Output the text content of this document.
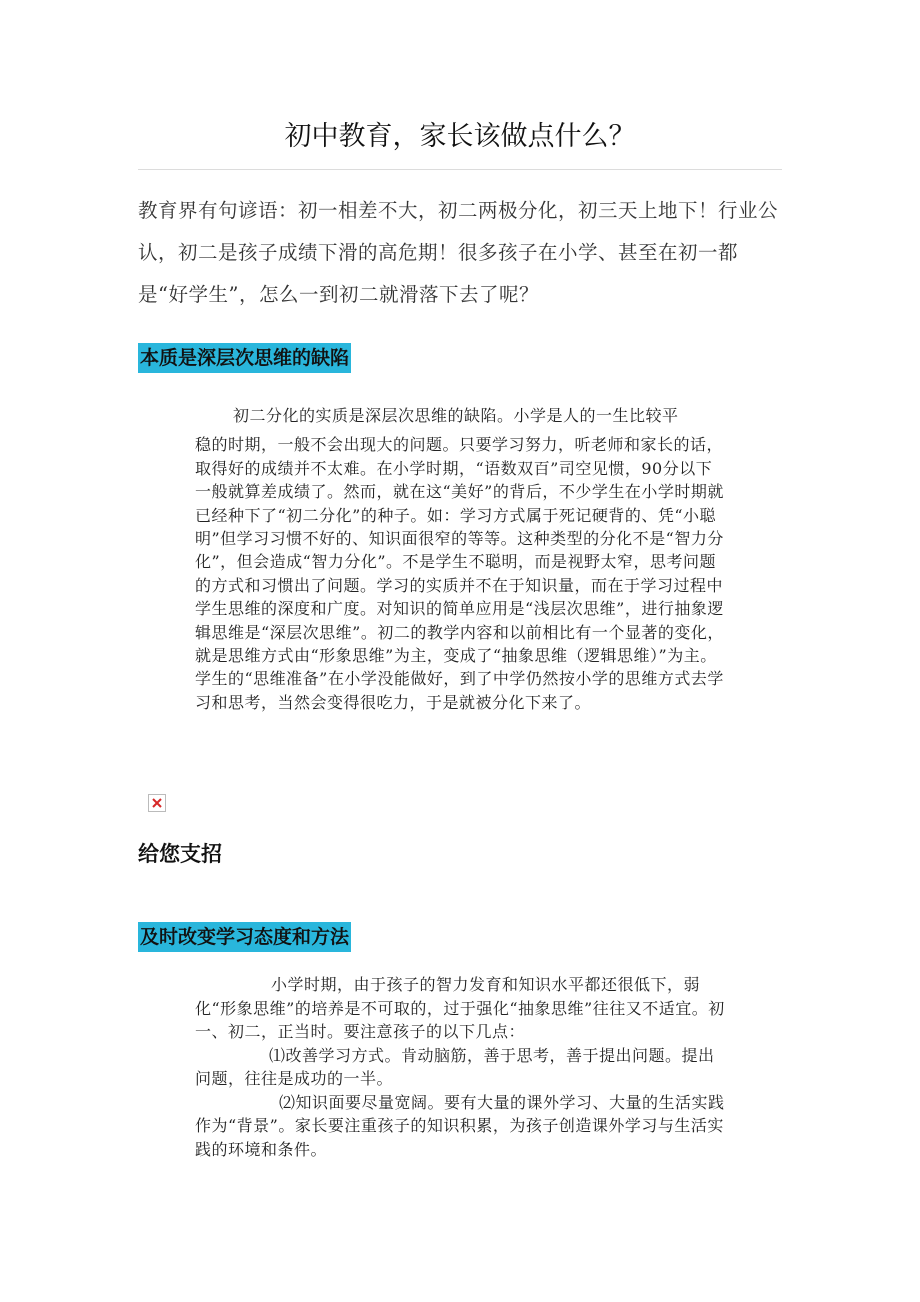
初中教育，家长该做点什么？

教育界有句谚语：初一相差不大，初二两极分化，初三天上地下！行业公认，初二是孩子成绩下滑的高危期！很多孩子在小学、甚至在初一都是“好学生”，怎么一到初二就滑落下去了呢？

本质是深层次思维的缺陷
初二分化的实质是深层次思维的缺陷。小学是人的一生比较平
稳的时期，一般不会出现大的问题。只要学习努力，听老师和家长的话，取得好的成绩并不太难。在小学时期，“语数双百”司空见惯，90分以下一般就算差成绩了。然而，就在这“美好”的背后，不少学生在小学时期就已经种下了“初二分化”的种子。如：学习方式属于死记硬背的、凭“小聪明”但学习习惯不好的、知识面很窄的等等。这种类型的分化不是“智力分化”，但会造成“智力分化”。不是学生不聪明，而是视野太窄，思考问题的方式和习惯出了问题。学习的实质并不在于知识量，而在于学习过程中学生思维的深度和广度。对知识的简单应用是“浅层次思维”，进行抽象逻辑思维是“深层次思维”。初二的教学内容和以前相比有一个显著的变化，就是思维方式由“形象思维”为主，变成了“抽象思维（逻辑思维）”为主。学生的“思维准备”在小学没能做好，到了中学仍然按小学的思维方式去学习和思考，当然会变得很吃力，于是就被分化下来了。
给您支招
及时改变学习态度和方法

小学时期，由于孩子的智力发育和知识水平都还很低下，弱化“形象思维”的培养是不可取的，过于强化“抽象思维”往往又不适宜。初一、初二，正当时。要注意孩子的以下几点：

⑴改善学习方式。肯动脑筋，善于思考，善于提出问题。提出问题，往往是成功的一半。

⑵知识面要尽量宽阔。要有大量的课外学习、大量的生活实践作为“背景”。家长要注重孩子的知识积累，为孩子创造课外学习与生活实践的环境和条件。
